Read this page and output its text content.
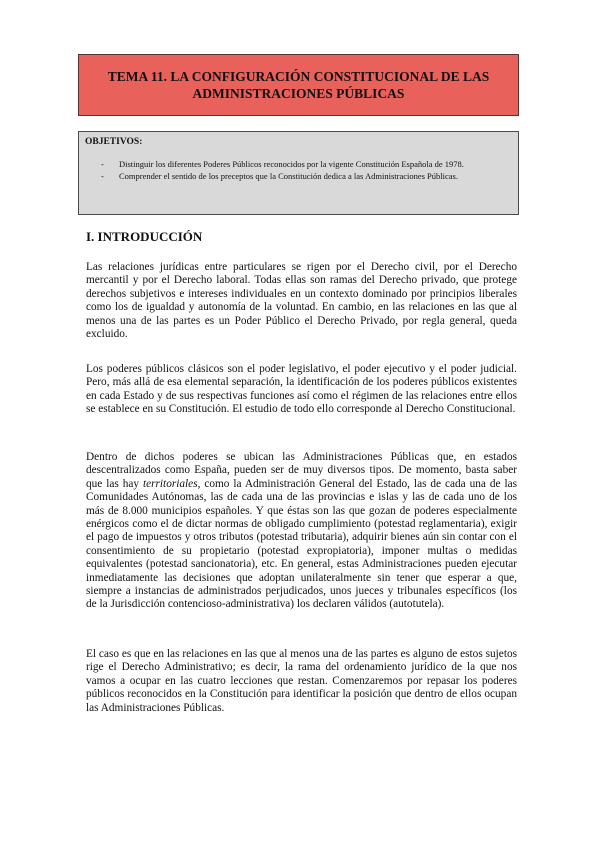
TEMA 11. LA CONFIGURACIÓN CONSTITUCIONAL DE LAS ADMINISTRACIONES PÚBLICAS
OBJETIVOS:
- Distinguir los diferentes Poderes Públicos reconocidos por la vigente Constitución Española de 1978.
- Comprender el sentido de los preceptos que la Constitución dedica a las Administraciones Públicas.
I. INTRODUCCIÓN

Las relaciones jurídicas entre particulares se rigen por el Derecho civil, por el Derecho mercantil y por el Derecho laboral. Todas ellas son ramas del Derecho privado, que protege derechos subjetivos e intereses individuales en un contexto dominado por principios liberales como los de igualdad y autonomía de la voluntad. En cambio, en las relaciones en las que al menos una de las partes es un Poder Público el Derecho Privado, por regla general, queda excluido.

Los poderes públicos clásicos son el poder legislativo, el poder ejecutivo y el poder judicial. Pero, más allá de esa elemental separación, la identificación de los poderes públicos existentes en cada Estado y de sus respectivas funciones así como el régimen de las relaciones entre ellos se establece en su Constitución. El estudio de todo ello corresponde al Derecho Constitucional.

Dentro de dichos poderes se ubican las Administraciones Públicas que, en estados descentralizados como España, pueden ser de muy diversos tipos. De momento, basta saber que las hay territoriales, como la Administración General del Estado, las de cada una de las Comunidades Autónomas, las de cada una de las provincias e islas y las de cada uno de los más de 8.000 municipios españoles. Y que éstas son las que gozan de poderes especialmente enérgicos como el de dictar normas de obligado cumplimiento (potestad reglamentaria), exigir el pago de impuestos y otros tributos (potestad tributaria), adquirir bienes aún sin contar con el consentimiento de su propietario (potestad expropiatoria), imponer multas o medidas equivalentes (potestad sancionatoria), etc. En general, estas Administraciones pueden ejecutar inmediatamente las decisiones que adoptan unilateralmente sin tener que esperar a que, siempre a instancias de administrados perjudicados, unos jueces y tribunales específicos (los de la Jurisdicción contencioso-administrativa) los declaren válidos (autotutela).

El caso es que en las relaciones en las que al menos una de las partes es alguno de estos sujetos rige el Derecho Administrativo; es decir, la rama del ordenamiento jurídico de la que nos vamos a ocupar en las cuatro lecciones que restan. Comenzaremos por repasar los poderes públicos reconocidos en la Constitución para identificar la posición que dentro de ellos ocupan las Administraciones Públicas.
